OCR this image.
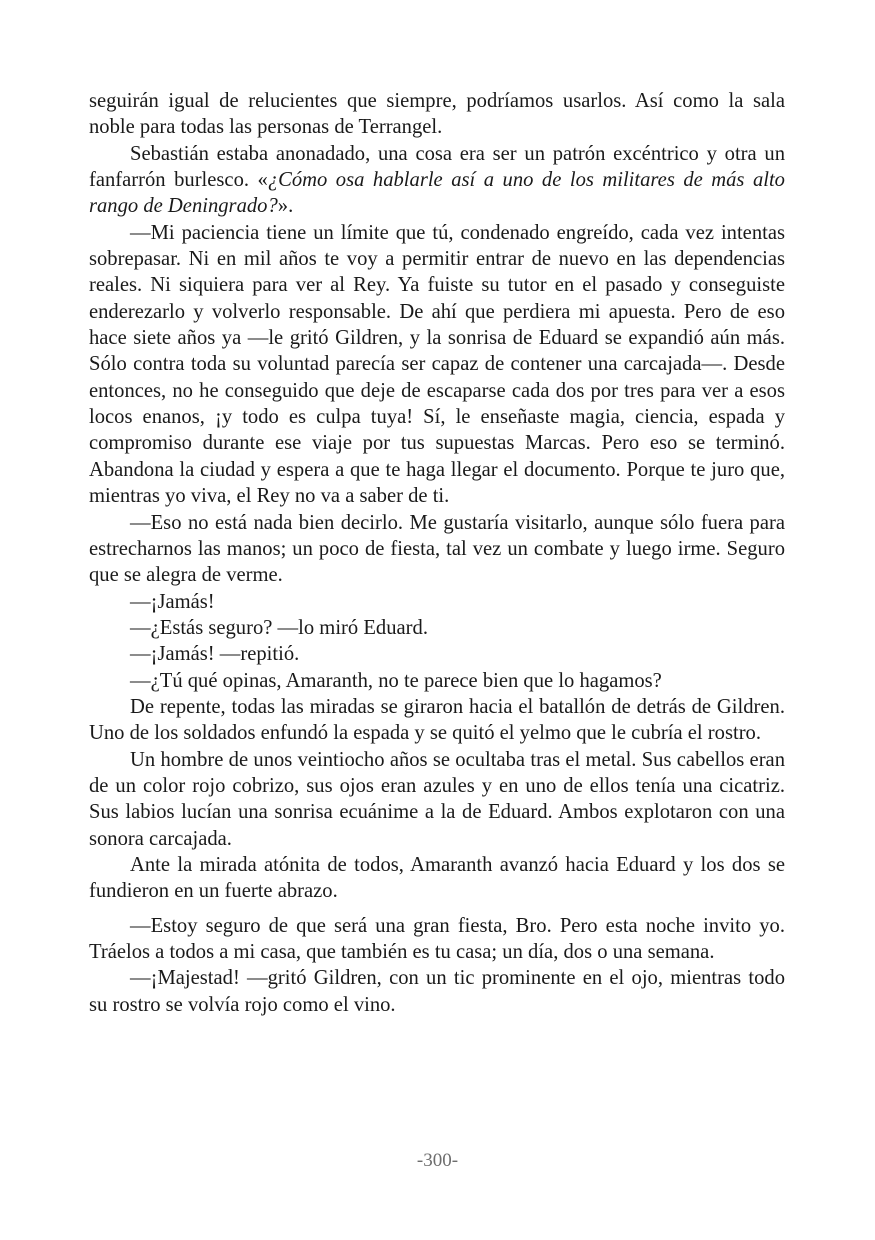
seguirán igual de relucientes que siempre, podríamos usarlos. Así como la sala noble para todas las personas de Terrangel.

Sebastián estaba anonadado, una cosa era ser un patrón excéntrico y otra un fanfarrón burlesco. «¿Cómo osa hablarle así a uno de los militares de más alto rango de Deningrado?».

—Mi paciencia tiene un límite que tú, condenado engreído, cada vez intentas sobrepasar. Ni en mil años te voy a permitir entrar de nuevo en las dependencias reales. Ni siquiera para ver al Rey. Ya fuiste su tutor en el pasado y conseguiste enderezarlo y volverlo responsable. De ahí que perdiera mi apuesta. Pero de eso hace siete años ya —le gritó Gildren, y la sonrisa de Eduard se expandió aún más. Sólo contra toda su voluntad parecía ser capaz de contener una carcajada—. Desde entonces, no he conseguido que deje de escaparse cada dos por tres para ver a esos locos enanos, ¡y todo es culpa tuya! Sí, le enseñaste magia, ciencia, espada y compromiso durante ese viaje por tus supuestas Marcas. Pero eso se terminó. Abandona la ciudad y espera a que te haga llegar el documento. Porque te juro que, mientras yo viva, el Rey no va a saber de ti.

—Eso no está nada bien decirlo. Me gustaría visitarlo, aunque sólo fuera para estrecharnos las manos; un poco de fiesta, tal vez un combate y luego irme. Seguro que se alegra de verme.

—¡Jamás!

—¿Estás seguro? —lo miró Eduard.

—¡Jamás! —repitió.

—¿Tú qué opinas, Amaranth, no te parece bien que lo hagamos?

De repente, todas las miradas se giraron hacia el batallón de detrás de Gildren. Uno de los soldados enfundó la espada y se quitó el yelmo que le cubría el rostro.

Un hombre de unos veintiocho años se ocultaba tras el metal. Sus cabellos eran de un color rojo cobrizo, sus ojos eran azules y en uno de ellos tenía una cicatriz. Sus labios lucían una sonrisa ecuánime a la de Eduard. Ambos explotaron con una sonora carcajada.

Ante la mirada atónita de todos, Amaranth avanzó hacia Eduard y los dos se fundieron en un fuerte abrazo.

—Estoy seguro de que será una gran fiesta, Bro. Pero esta noche invito yo. Tráelos a todos a mi casa, que también es tu casa; un día, dos o una semana.

—¡Majestad! —gritó Gildren, con un tic prominente en el ojo, mientras todo su rostro se volvía rojo como el vino.

-300-
